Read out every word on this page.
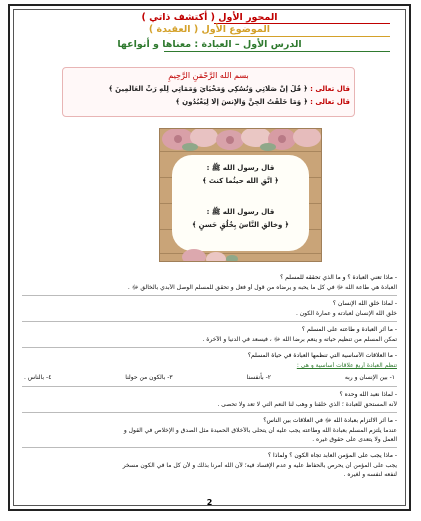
المحور الأول ( أكتشف ذاتي )
الموضوع الأول ( العقيدة )
الدرس الأول – العبادة : معناها و أنواعها
بسم الله الرَّحْمَنِ الرَّحِيمِ
قال تعالى : ﴿ قُلْ إِنَّ صَلَاتِي وَنُسُكِي وَمَحْيَايَ وَمَمَاتِي لِلَّهِ رَبِّ الْعَالَمِينَ ﴾
قال تعالى : ﴿ وَمَا خَلَقْتُ الْجِنَّ وَالْإِنسَ إِلَّا لِيَعْبُدُونِ ﴾
قال رسول الله ﷺ :
﴿ اتَّقِ الله حيثُما كنتَ ﴾
قال رسول الله ﷺ :
﴿ وخالقِ النَّاسَ بِخُلُقٍ حَسنٍ ﴾
- ماذا تعني العبادة ؟ و ما الذي تحققه للمسلم ؟
العبادة هي طاعة الله ﷻ في كل ما يحبه و يرضاه من قول أو فعل و تحقق للمسلم الوصل الأبدي بالخالق ﷻ .
- لماذا خلق الله الإنسان ؟
خلق الله الإنسان لعبادته و عمارة الكون .
- ما أثر العبادة و طاعته على المسلم ؟
تمكن المسلم من تنظيم حياته و ينعم برضا الله ﷻ ، فيسعد في الدنيا و الآخرة .
- ما العلاقات الأساسية التي تنظمها العبادة في حياة المسلم؟
تنظم العبادة أربع علاقات أساسية و هي :
١- بين الإنسان و ربه
٢- بأنفسنا
٣- بالكون من حولنا
٤- بالناس .
- لماذا نعبد الله وحده ؟
لأنه المستحق للعبادة ؛ الذي خلقنا و وهب لنا النعم التي لا تعد ولا تحصى .
- ما أثر الالتزام بعبادة الله ﷻ في العلاقات بين الناس؟
عندما يلتزم المسلم بعبادة الله وطاعته يجب عليه أن يتحلى بالأخلاق الحميدة مثل الصدق و الإخلاص في القول و
العمل ولا يتعدى على حقوق غيره .
- ماذا يجب على المؤمن العابد تجاه الكون ؟ ولماذا ؟
يجب على المؤمن أن يحرص بالحفاظ عليه و عدم الإفساد فيه؛ لأن الله أمرنا بذلك و لأن كل ما في الكون مسخر
لنفعه لنفسه و لغيره .
2
